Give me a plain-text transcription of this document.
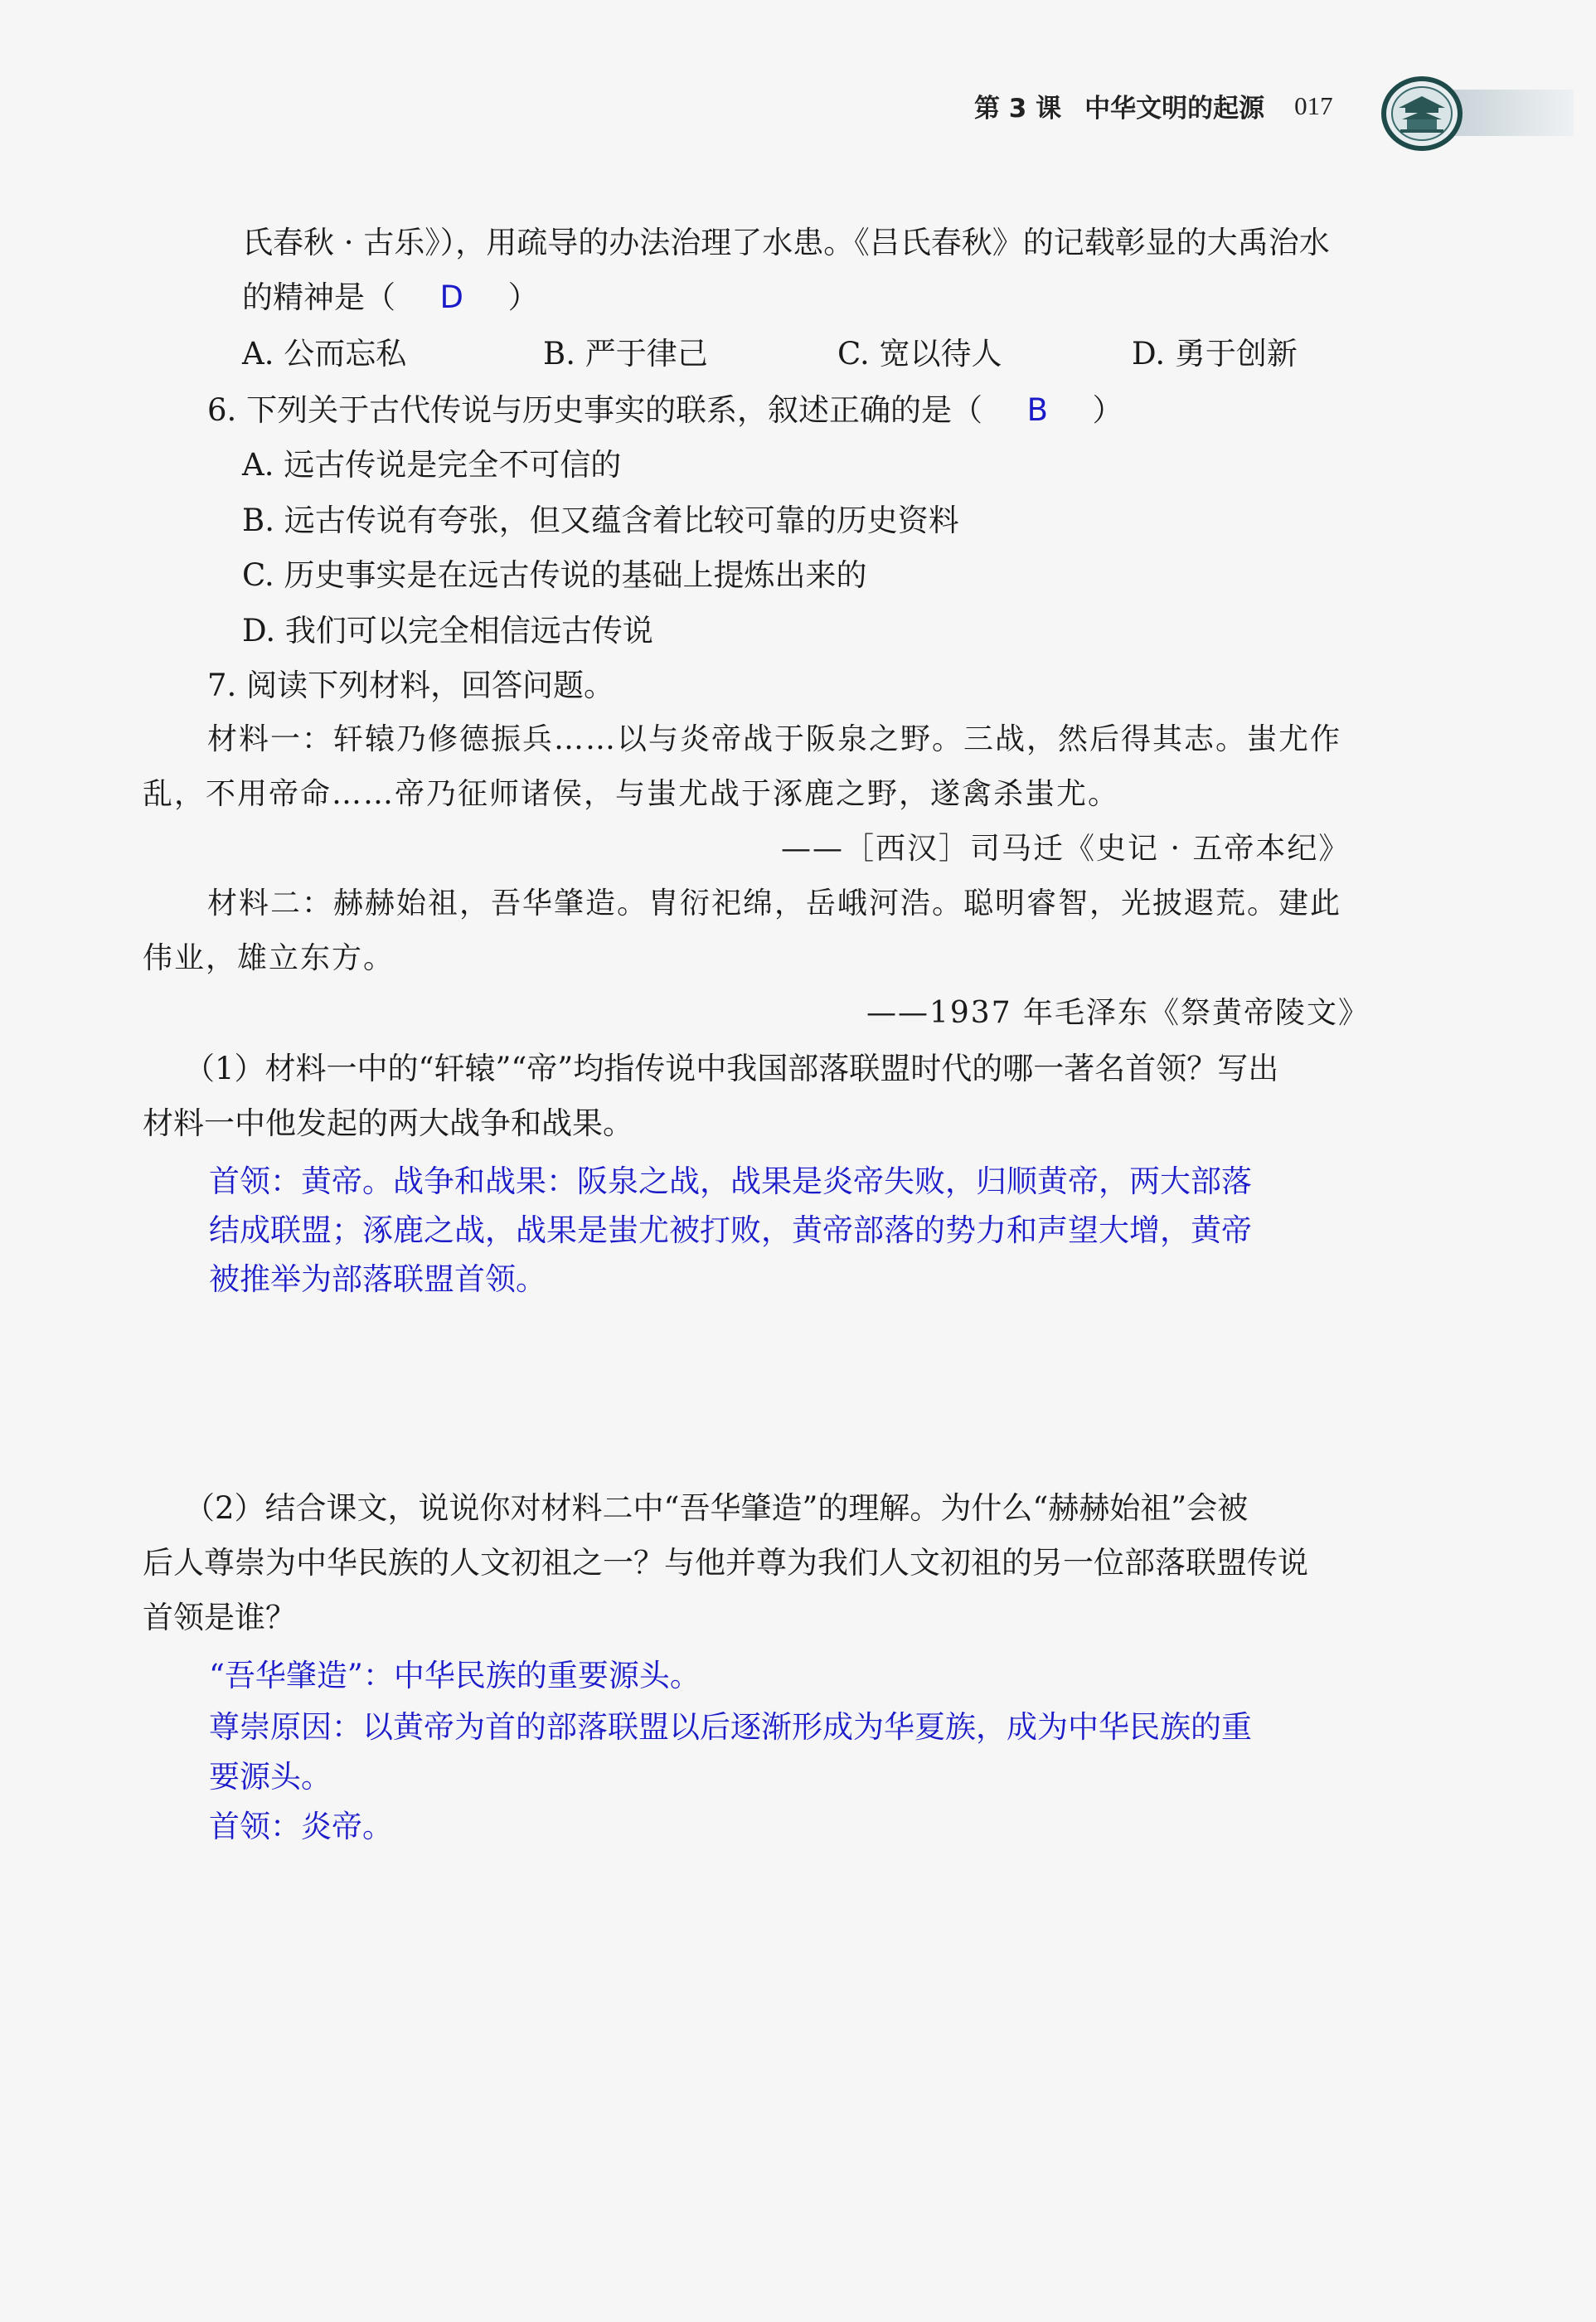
第 3 课 中华文明的起源 017
氏春秋 · 古乐》），用疏导的办法治理了水患。《吕氏春秋》的记载彰显的大禹治水
的精神是（ D ）
A. 公而忘私	B. 严于律己	C. 宽以待人	D. 勇于创新
6. 下列关于古代传说与历史事实的联系，叙述正确的是（ B ）
A. 远古传说是完全不可信的
B. 远古传说有夸张，但又蕴含着比较可靠的历史资料
C. 历史事实是在远古传说的基础上提炼出来的
D. 我们可以完全相信远古传说
7. 阅读下列材料，回答问题。
材料一：轩辕乃修德振兵……以与炎帝战于阪泉之野。三战，然后得其志。蚩尤作
乱，不用帝命……帝乃征师诸侯，与蚩尤战于涿鹿之野，遂禽杀蚩尤。
——［西汉］司马迁《史记 · 五帝本纪》
材料二：赫赫始祖，吾华肇造。胄衍祀绵，岳峨河浩。聪明睿智，光披遐荒。建此
伟业，雄立东方。
——1937 年毛泽东《祭黄帝陵文》
（1）材料一中的“轩辕”“帝”均指传说中我国部落联盟时代的哪一著名首领？写出
材料一中他发起的两大战争和战果。
首领：黄帝。战争和战果：阪泉之战，战果是炎帝失败，归顺黄帝，两大部落
结成联盟；涿鹿之战，战果是蚩尤被打败，黄帝部落的势力和声望大增，黄帝
被推举为部落联盟首领。
（2）结合课文，说说你对材料二中“吾华肇造”的理解。为什么“赫赫始祖”会被
后人尊崇为中华民族的人文初祖之一？与他并尊为我们人文初祖的另一位部落联盟传说
首领是谁？
“吾华肇造”：中华民族的重要源头。
尊崇原因：以黄帝为首的部落联盟以后逐渐形成为华夏族，成为中华民族的重
要源头。
首领：炎帝。
